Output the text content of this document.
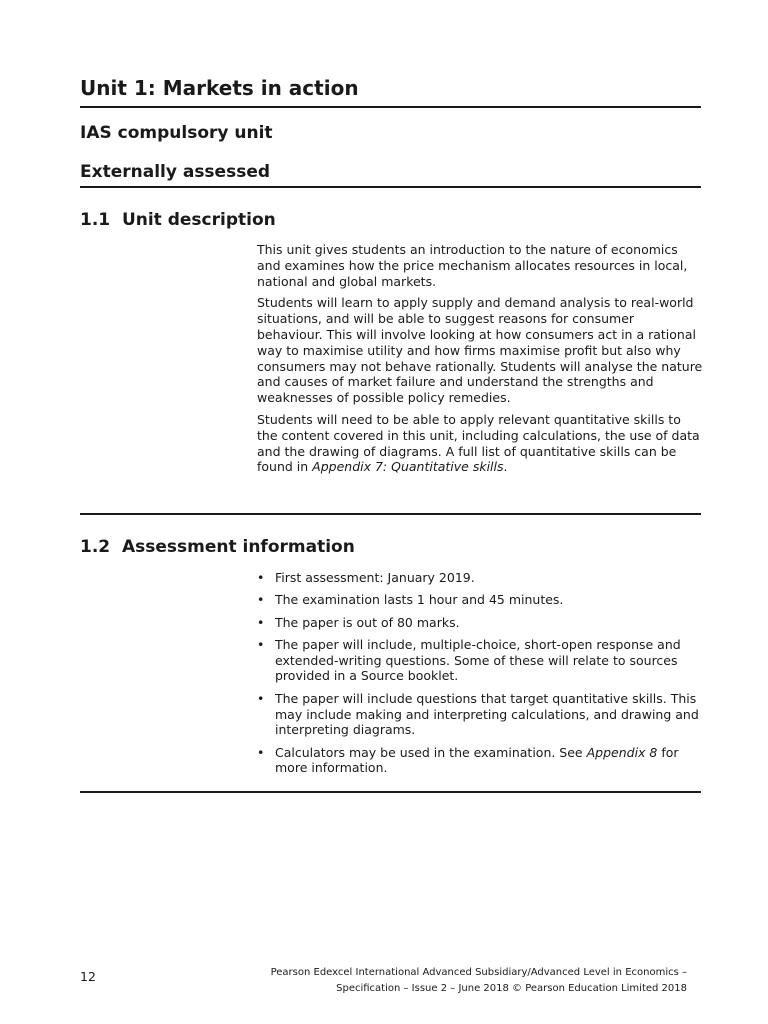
Unit 1: Markets in action
IAS compulsory unit
Externally assessed
1.1  Unit description

This unit gives students an introduction to the nature of economics and examines how the price mechanism allocates resources in local, national and global markets.

Students will learn to apply supply and demand analysis to real-world situations, and will be able to suggest reasons for consumer behaviour. This will involve looking at how consumers act in a rational way to maximise utility and how firms maximise profit but also why consumers may not behave rationally. Students will analyse the nature and causes of market failure and understand the strengths and weaknesses of possible policy remedies.

Students will need to be able to apply relevant quantitative skills to the content covered in this unit, including calculations, the use of data and the drawing of diagrams. A full list of quantitative skills can be found in Appendix 7: Quantitative skills.

1.2  Assessment information
• First assessment: January 2019.
• The examination lasts 1 hour and 45 minutes.
• The paper is out of 80 marks.
• The paper will include, multiple-choice, short-open response and extended-writing questions. Some of these will relate to sources provided in a Source booklet.
• The paper will include questions that target quantitative skills. This may include making and interpreting calculations, and drawing and interpreting diagrams.
• Calculators may be used in the examination. See Appendix 8 for more information.
12	Pearson Edexcel International Advanced Subsidiary/Advanced Level in Economics –
Specification – Issue 2 – June 2018 © Pearson Education Limited 2018
